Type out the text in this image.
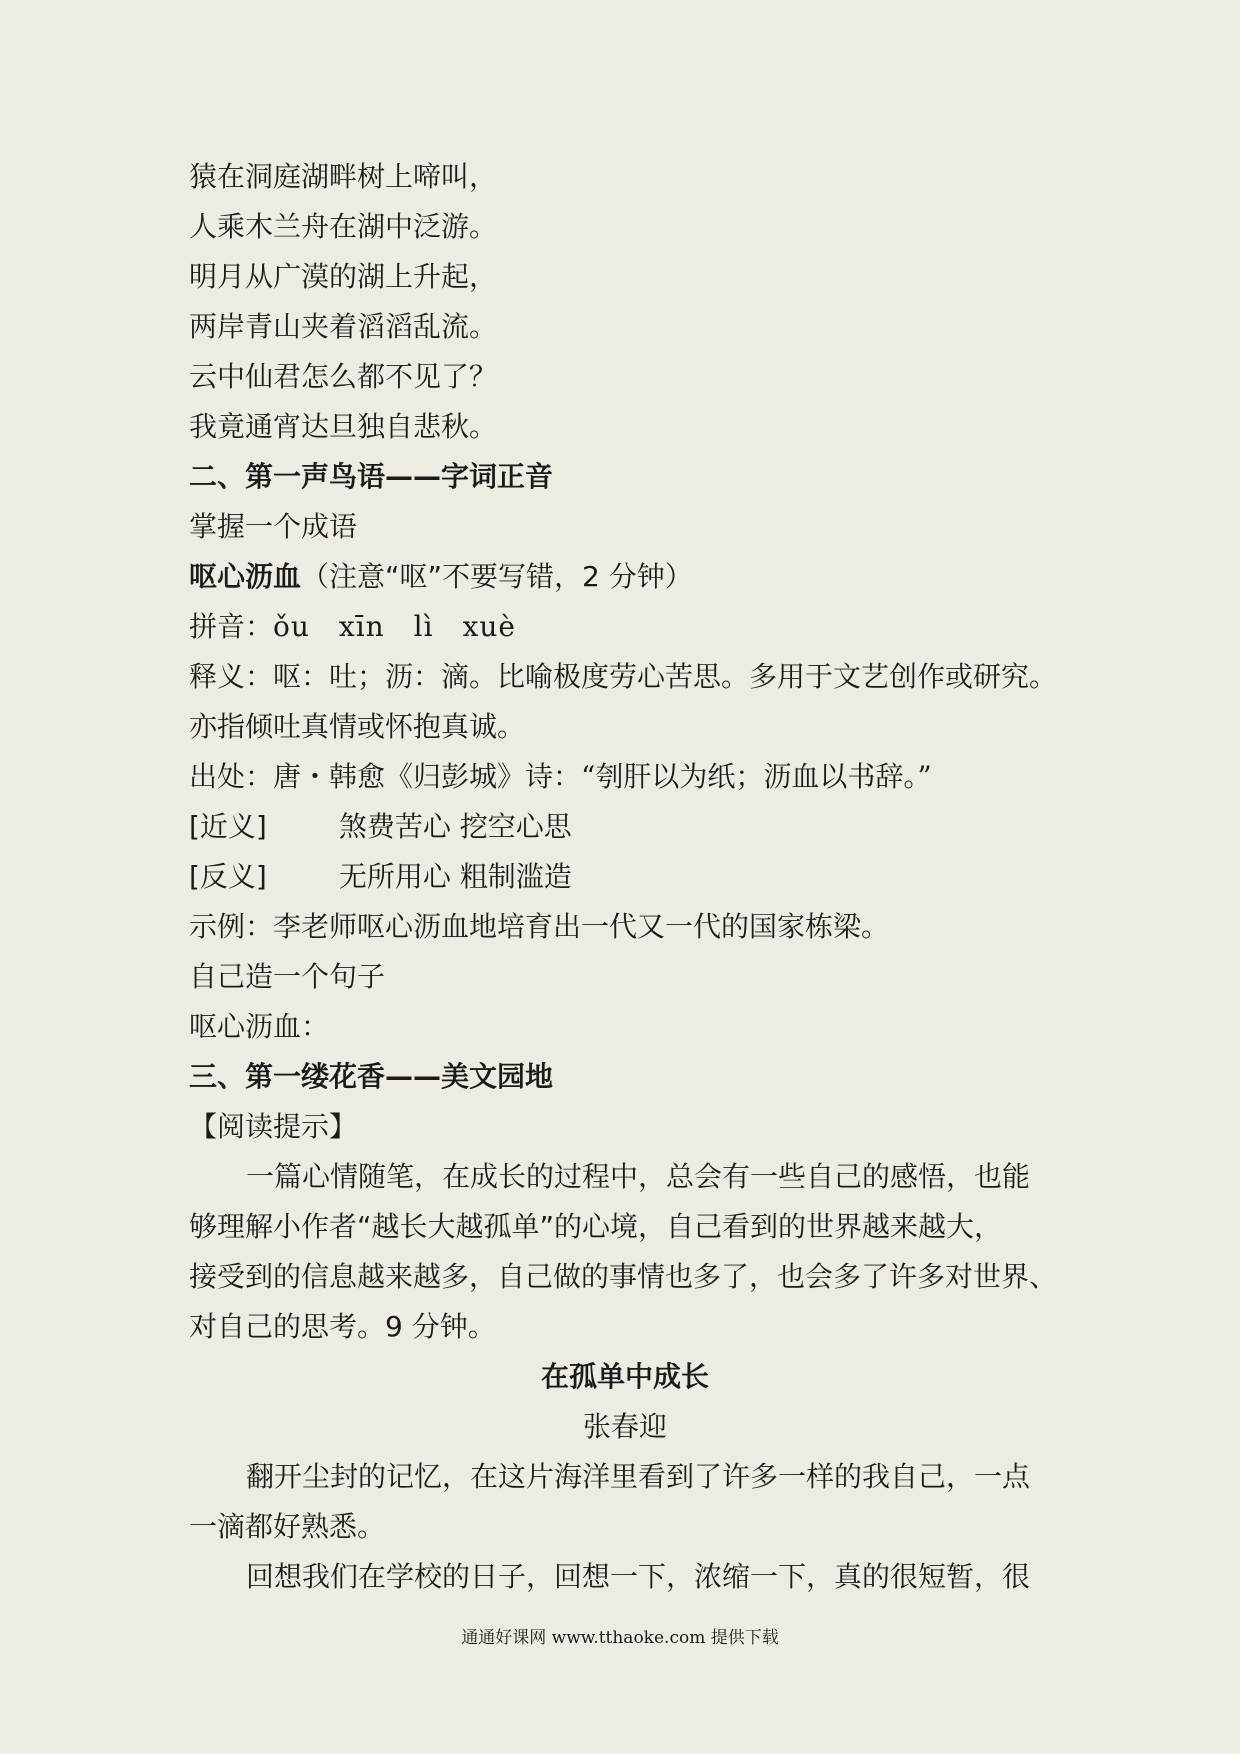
猿在洞庭湖畔树上啼叫，
人乘木兰舟在湖中泛游。
明月从广漠的湖上升起，
两岸青山夹着滔滔乱流。
云中仙君怎么都不见了？
我竟通宵达旦独自悲秋。
二、第一声鸟语——字词正音
掌握一个成语
呕心沥血（注意“呕”不要写错，2 分钟）
拼音：ǒu　xīn　lì　xuè
释义：呕：吐；沥：滴。比喻极度劳心苦思。多用于文艺创作或研究。
亦指倾吐真情或怀抱真诚。
出处：唐・韩愈《归彭城》诗：“刳肝以为纸；沥血以书辞。”
[近义]	煞费苦心 挖空心思
[反义]	无所用心 粗制滥造
示例：李老师呕心沥血地培育出一代又一代的国家栋梁。
自己造一个句子
呕心沥血：
三、第一缕花香——美文园地
【阅读提示】
一篇心情随笔，在成长的过程中，总会有一些自己的感悟，也能
够理解小作者“越长大越孤单”的心境，自己看到的世界越来越大，
接受到的信息越来越多，自己做的事情也多了，也会多了许多对世界、
对自己的思考。9 分钟。
在孤单中成长
张春迎
翻开尘封的记忆，在这片海洋里看到了许多一样的我自己，一点
一滴都好熟悉。
回想我们在学校的日子，回想一下，浓缩一下，真的很短暂，很
通通好课网 www.tthaoke.com 提供下载
